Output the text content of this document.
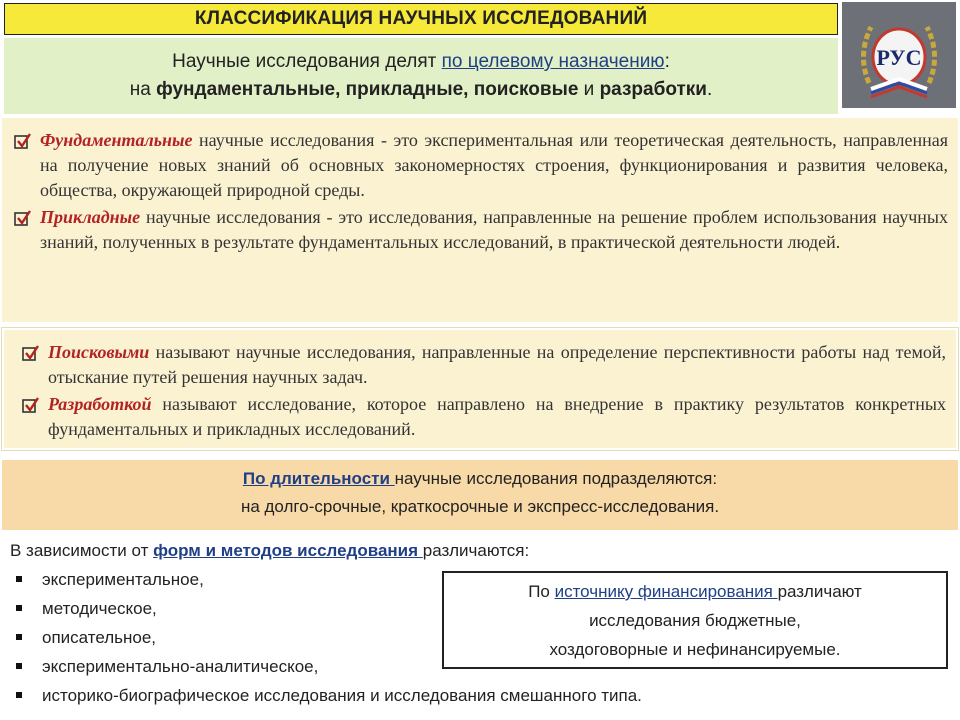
КЛАССИФИКАЦИЯ НАУЧНЫХ ИССЛЕДОВАНИЙ
Научные исследования делят по целевому назначению:
на фундаментальные, прикладные, поисковые и разработки.
РУС
Фундаментальные научные исследования - это экспериментальная или теоретическая деятельность, направленная на получение новых знаний об основных закономерностях строения, функционирования и развития человека, общества, окружающей природной среды.
Прикладные научные исследования - это исследования, направленные на решение проблем использования научных знаний, полученных в результате фундаментальных исследований, в практической деятельности людей.
Поисковыми называют научные исследования, направленные на определение перспективности работы над темой, отыскание путей решения научных задач.
Разработкой называют исследование, которое направлено на внедрение в практику результатов конкретных фундаментальных и прикладных исследований.
По длительности научные исследования подразделяются:
на долго-срочные, краткосрочные и экспресс-исследования.
В зависимости от форм и методов исследования различаются:
экспериментальное,
методическое,
описательное,
экспериментально-аналитическое,
историко-биографическое исследования и исследования смешанного типа.
По источнику финансирования различают
исследования бюджетные,
хоздоговорные и нефинансируемые.
